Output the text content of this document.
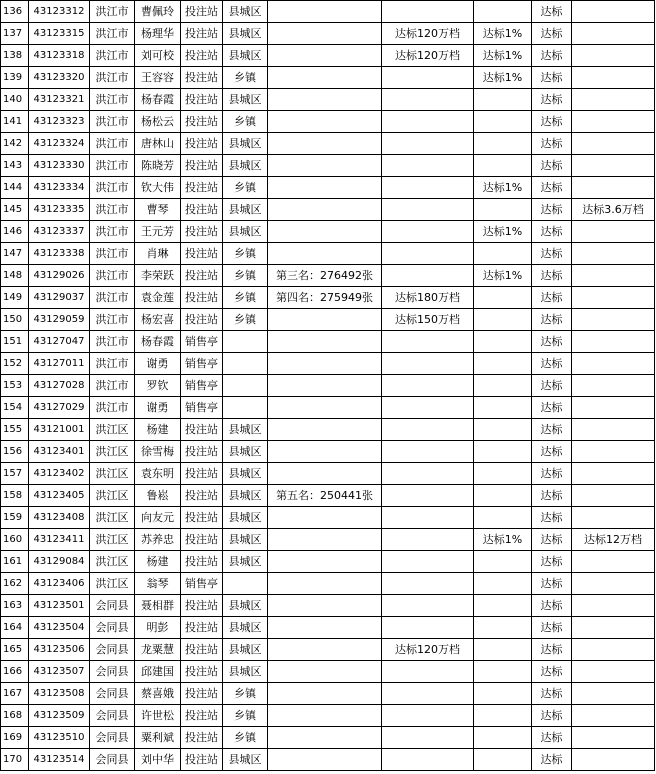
136	43123312	洪江市	曹佩玲	投注站	县城区				达标	
137	43123315	洪江市	杨理华	投注站	县城区		达标120万档	达标1%	达标	
138	43123318	洪江市	刘可校	投注站	县城区		达标120万档	达标1%	达标	
139	43123320	洪江市	王容容	投注站	乡镇			达标1%	达标	
140	43123321	洪江市	杨春霞	投注站	县城区				达标	
141	43123323	洪江市	杨松云	投注站	乡镇				达标	
142	43123324	洪江市	唐林山	投注站	县城区				达标	
143	43123330	洪江市	陈晓芳	投注站	县城区				达标	
144	43123334	洪江市	钦大伟	投注站	乡镇			达标1%	达标	
145	43123335	洪江市	曹琴	投注站	县城区				达标	达标3.6万档
146	43123337	洪江市	王元芳	投注站	县城区			达标1%	达标	
147	43123338	洪江市	肖琳	投注站	乡镇				达标	
148	43129026	洪江市	李荣跃	投注站	乡镇	第三名：276492张		达标1%	达标	
149	43129037	洪江市	袁金莲	投注站	乡镇	第四名：275949张	达标180万档		达标	
150	43129059	洪江市	杨宏喜	投注站	乡镇		达标150万档		达标	
151	43127047	洪江市	杨春霞	销售亭					达标	
152	43127011	洪江市	谢勇	销售亭					达标	
153	43127028	洪江市	罗钦	销售亭					达标	
154	43127029	洪江市	谢勇	销售亭					达标	
155	43121001	洪江区	杨建	投注站	县城区				达标	
156	43123401	洪江区	徐雪梅	投注站	县城区				达标	
157	43123402	洪江区	袁东明	投注站	县城区				达标	
158	43123405	洪江区	鲁崧	投注站	县城区	第五名：250441张			达标	
159	43123408	洪江区	向友元	投注站	县城区				达标	
160	43123411	洪江区	苏养忠	投注站	县城区			达标1%	达标	达标12万档
161	43129084	洪江区	杨建	投注站	县城区				达标	
162	43123406	洪江区	翁琴	销售亭					达标	
163	43123501	会同县	聂相群	投注站	县城区				达标	
164	43123504	会同县	明彭	投注站	县城区				达标	
165	43123506	会同县	龙粟慧	投注站	县城区		达标120万档		达标	
166	43123507	会同县	邱建国	投注站	县城区				达标	
167	43123508	会同县	蔡喜娥	投注站	乡镇				达标	
168	43123509	会同县	许世松	投注站	乡镇				达标	
169	43123510	会同县	粟利斌	投注站	乡镇				达标	
170	43123514	会同县	刘中华	投注站	县城区				达标	
